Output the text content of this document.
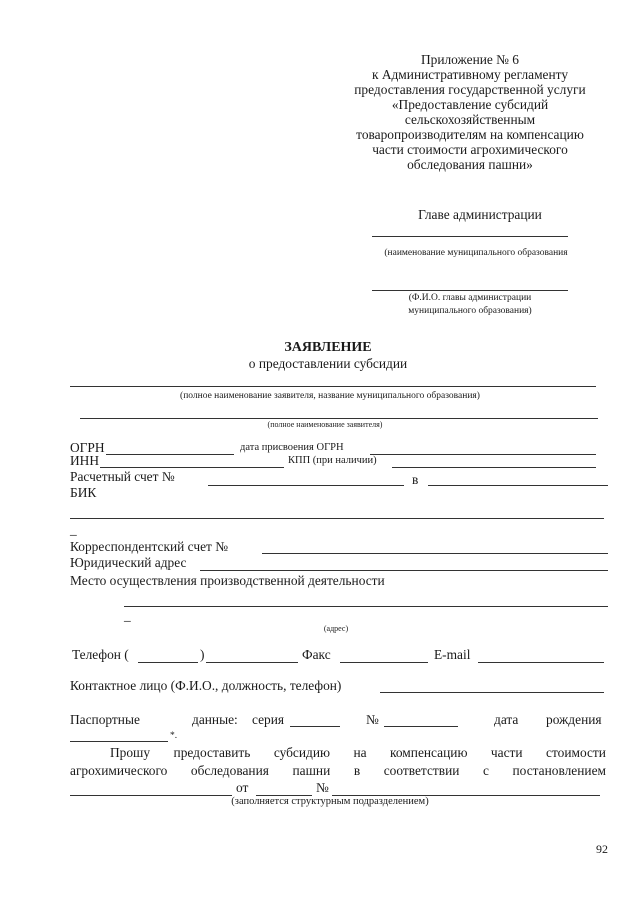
Приложение № 6
к Административному регламенту
предоставления государственной услуги
«Предоставление субсидий
сельскохозяйственным
товаропроизводителям на компенсацию
части стоимости агрохимического
обследования пашни»
Главе администрации
(наименование муниципального образования
(Ф.И.О. главы администрации
муниципального образования)
ЗАЯВЛЕНИЕ
о предоставлении субсидии
(полное наименование заявителя, название муниципального образования)
(полное наименование заявителя)
ОГРН	дата присвоения ОГРН
ИНН	КПП (при наличии)
Расчетный счет №	в
БИК
_
Корреспондентский счет №
Юридический адрес
Место осуществления производственной деятельности
_
(адрес)
Телефон (	)	Факс	E-mail
Контактное лицо (Ф.И.О., должность, телефон)
Паспортные	данные: серия	№	дата рождения
*.
Прошу предоставить субсидию на компенсацию части стоимости
агрохимического обследования пашни в соответствии с постановлением
от	№
(заполняется структурным подразделением)
92
